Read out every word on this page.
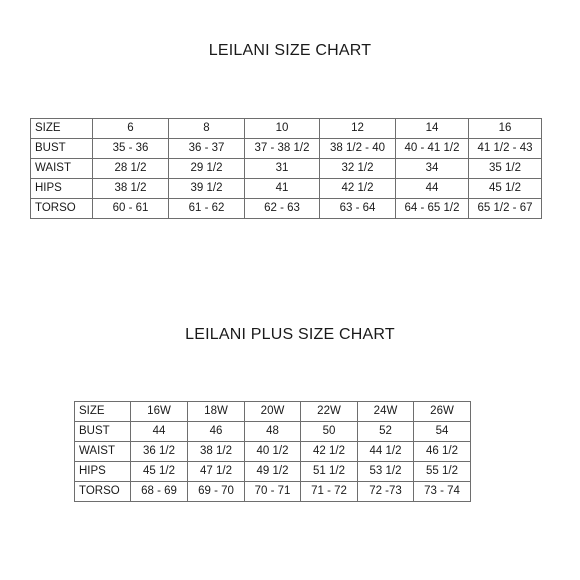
LEILANI SIZE CHART
SIZE	6	8	10	12	14	16
BUST	35 - 36	36 - 37	37 - 38 1/2	38 1/2 - 40	40 - 41 1/2	41 1/2 - 43
WAIST	28 1/2	29 1/2	31	32 1/2	34	35 1/2
HIPS	38 1/2	39 1/2	41	42 1/2	44	45 1/2
TORSO	60 - 61	61 - 62	62 - 63	63 - 64	64 - 65 1/2	65 1/2 - 67
LEILANI PLUS SIZE CHART
SIZE	16W	18W	20W	22W	24W	26W
BUST	44	46	48	50	52	54
WAIST	36 1/2	38 1/2	40 1/2	42 1/2	44 1/2	46 1/2
HIPS	45 1/2	47 1/2	49 1/2	51 1/2	53 1/2	55 1/2
TORSO	68 - 69	69 - 70	70 - 71	71 - 72	72 -73	73 - 74
